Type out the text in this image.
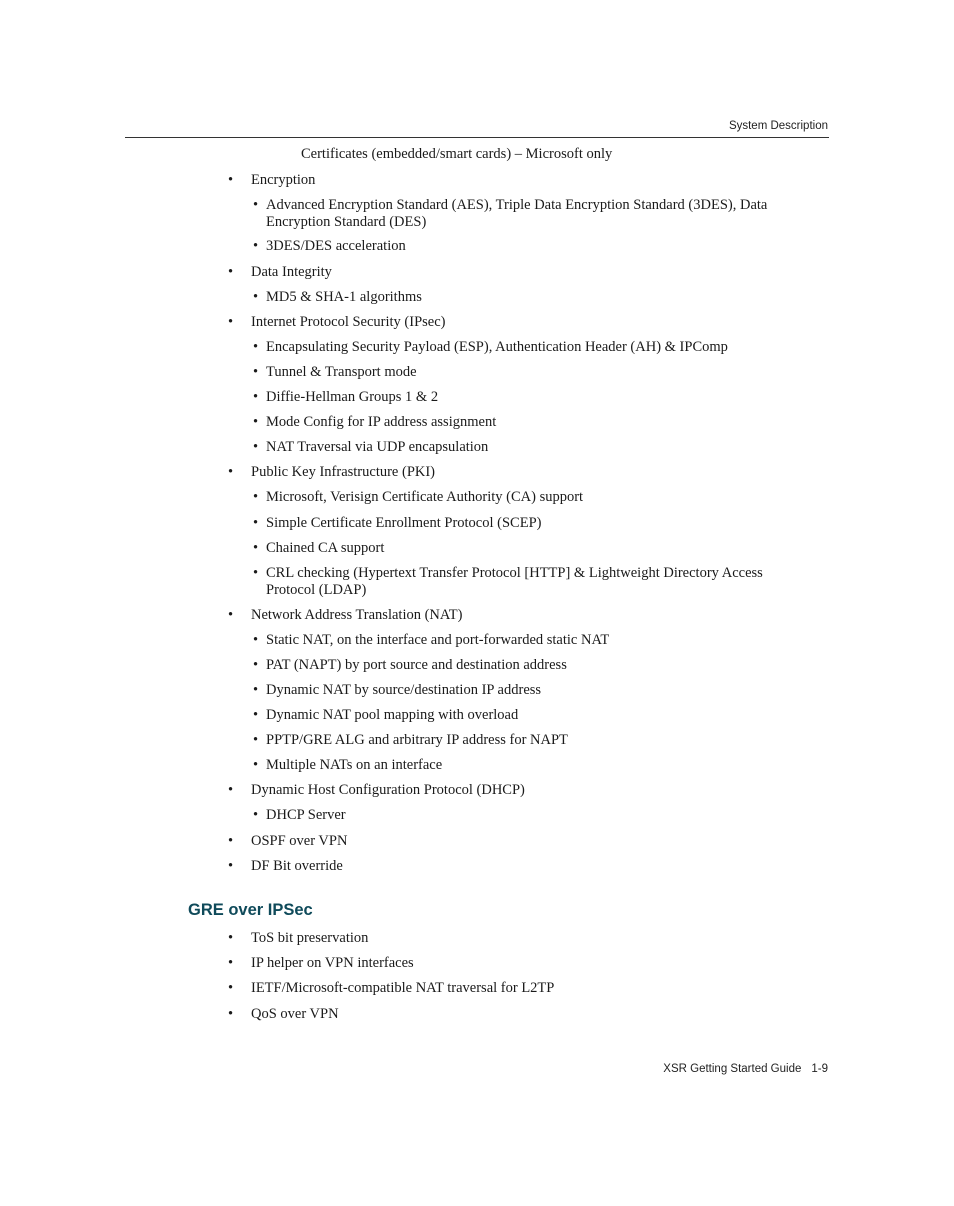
System Description
Certificates (embedded/smart cards) – Microsoft only
• Encryption
• Advanced Encryption Standard (AES), Triple Data Encryption Standard (3DES), Data Encryption Standard (DES)
• 3DES/DES acceleration
• Data Integrity
• MD5 & SHA-1 algorithms
• Internet Protocol Security (IPsec)
• Encapsulating Security Payload (ESP), Authentication Header (AH) & IPComp
• Tunnel & Transport mode
• Diffie-Hellman Groups 1 & 2
• Mode Config for IP address assignment
• NAT Traversal via UDP encapsulation
• Public Key Infrastructure (PKI)
• Microsoft, Verisign Certificate Authority (CA) support
• Simple Certificate Enrollment Protocol (SCEP)
• Chained CA support
• CRL checking (Hypertext Transfer Protocol [HTTP] & Lightweight Directory Access Protocol (LDAP)
• Network Address Translation (NAT)
• Static NAT, on the interface and port-forwarded static NAT
• PAT (NAPT) by port source and destination address
• Dynamic NAT by source/destination IP address
• Dynamic NAT pool mapping with overload
• PPTP/GRE ALG and arbitrary IP address for NAPT
• Multiple NATs on an interface
• Dynamic Host Configuration Protocol (DHCP)
• DHCP Server
• OSPF over VPN
• DF Bit override
GRE over IPSec
• ToS bit preservation
• IP helper on VPN interfaces
• IETF/Microsoft-compatible NAT traversal for L2TP
• QoS over VPN
XSR Getting Started Guide 1-9
